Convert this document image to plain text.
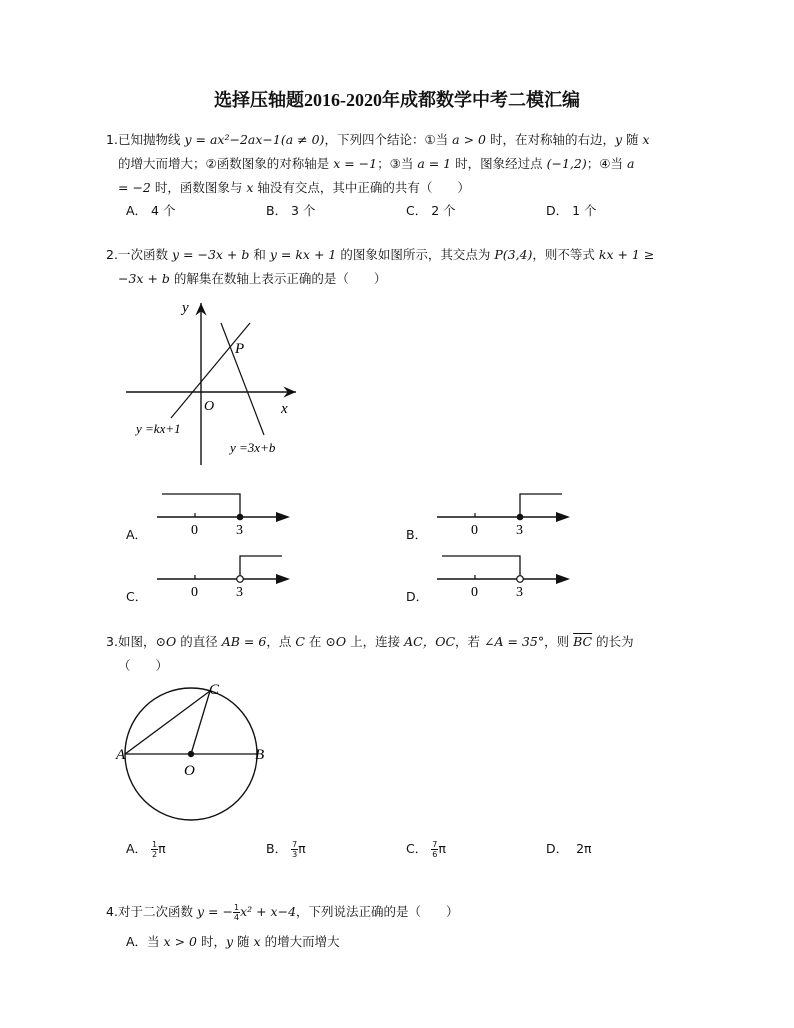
选择压轴题2016-2020年成都数学中考二模汇编
1. 已知抛物线 y = ax²−2ax−1(a ≠ 0)，下列四个结论：①当 a > 0 时，在对称轴的右边，y 随 x
的增大而增大；②函数图象的对称轴是 x = −1；③当 a = 1 时，图象经过点 (−1,2)；④当 a
= −2 时，函数图象与 x 轴没有交点，其中正确的共有（　　）
A． 4 个	B． 3 个	C． 2 个	D． 1 个
2. 一次函数 y = −3x + b 和 y = kx + 1 的图象如图所示，其交点为 P(3,4)，则不等式 kx + 1 ≥
−3x + b 的解集在数轴上表示正确的是（　　）
y
x
O
P
y =kx+1
y =3x+b
A．	0	3	B．	0	3
C．	0	3	D．	0	3
3. 如图，⊙O 的直径 AB = 6，点 C 在 ⊙O 上，连接 AC，OC，若 ∠A = 35°，则 $\overline{BC}$ 的长为
（　　）
A	B
C
O
A． $\frac{1}{2}$ π	B． $\frac{7}{3}$ π	C． $\frac{7}{6}$ π	D． 2π
4. 对于二次函数 y = − $\frac{1}{4} x^2 + x-4$，下列说法正确的是（　　）
A．当 x > 0 时，y 随 x 的增大而增大
